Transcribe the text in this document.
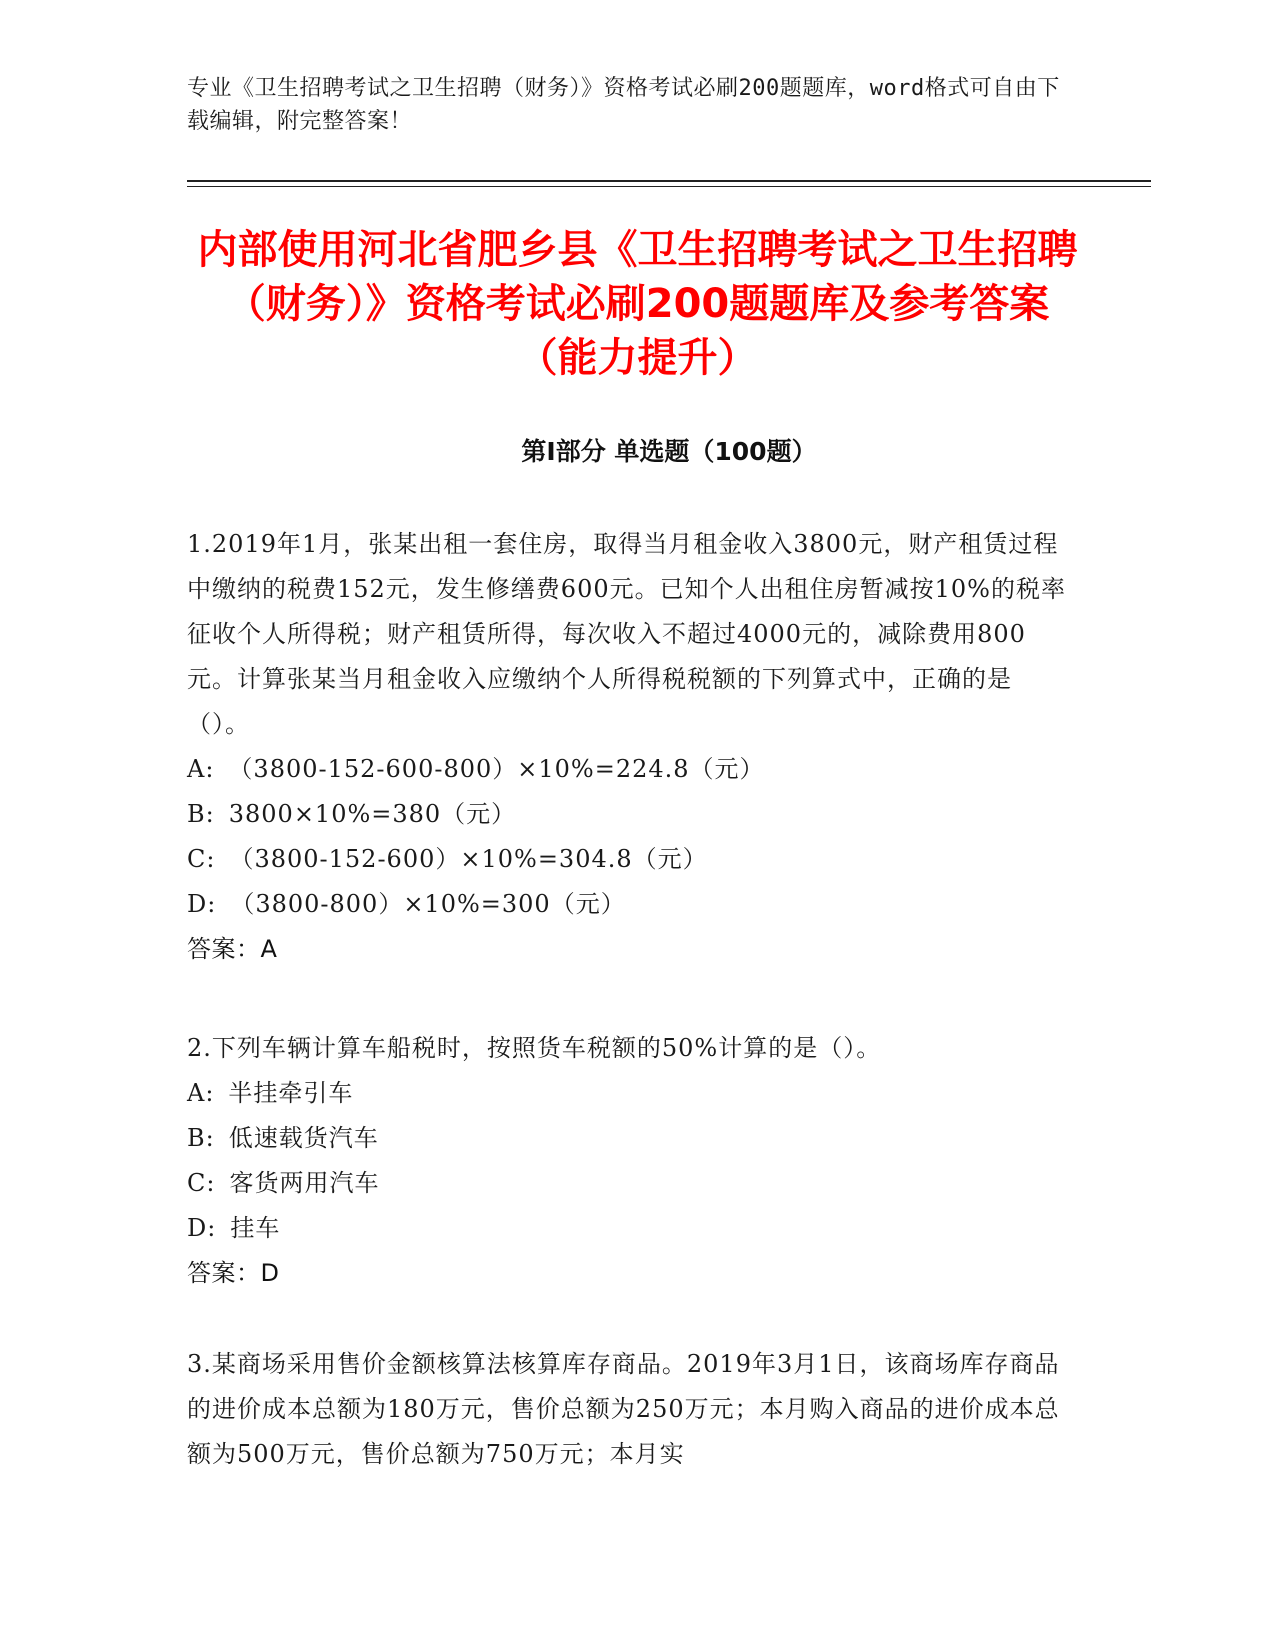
专业《卫生招聘考试之卫生招聘（财务）》资格考试必刷200题题库，word格式可自由下载编辑，附完整答案！
内部使用河北省肥乡县《卫生招聘考试之卫生招聘（财务）》资格考试必刷200题题库及参考答案（能力提升）
第Ⅰ部分 单选题（100题）

1.2019年1月，张某出租一套住房，取得当月租金收入3800元，财产租赁过程中缴纳的税费152元，发生修缮费600元。已知个人出租住房暂减按10%的税率征收个人所得税；财产租赁所得，每次收入不超过4000元的，减除费用800元。计算张某当月租金收入应缴纳个人所得税税额的下列算式中，正确的是（）。

A: （3800-152-600-800）×10%=224.8（元）

B: 3800×10%=380（元）

C: （3800-152-600）×10%=304.8（元）

D: （3800-800）×10%=300（元）

答案：A

2.下列车辆计算车船税时，按照货车税额的50%计算的是（）。

A: 半挂牵引车

B: 低速载货汽车

C: 客货两用汽车

D: 挂车

答案：D

3.某商场采用售价金额核算法核算库存商品。2019年3月1日，该商场库存商品的进价成本总额为180万元，售价总额为250万元；本月购入商品的进价成本总额为500万元，售价总额为750万元；本月实
